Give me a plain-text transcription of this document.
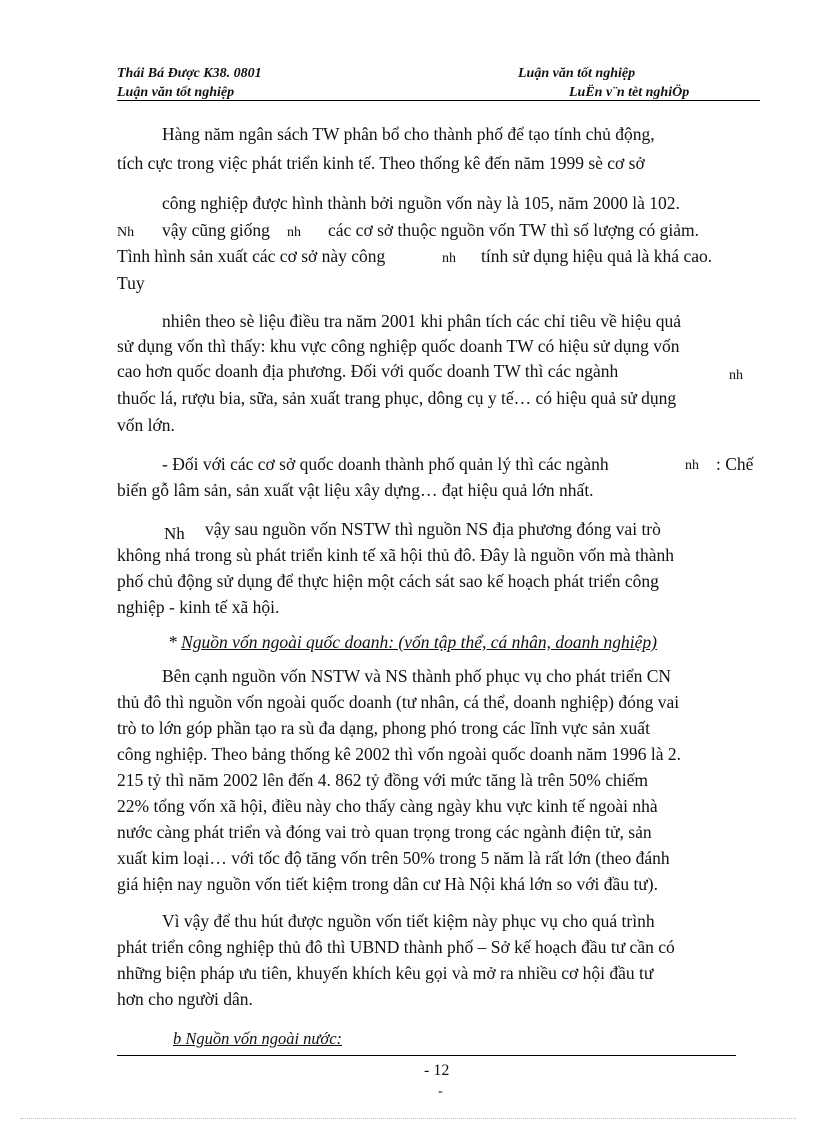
Thái Bá Được K38. 0801	Luận văn tốt nghiệp
Luận văn tốt nghiệp	LuËn v¨n tèt nghiÖp
Hàng năm ngân sách TW phân bổ cho thành phố để tạo tính chủ động,
tích cực trong việc phát triển kinh tế. Theo thống kê đến năm 1999 sè cơ sở
công nghiệp được hình thành bởi nguồn vốn này là 105, năm 2000 là 102.
Nh vậy cũng giống nh các cơ sở thuộc nguồn vốn TW thì số lượng có giảm.
Tình hình sản xuất các cơ sở này công	nh tính sử dụng hiệu quả là khá cao.
Tuy
nhiên theo sè liệu điều tra năm 2001 khi phân tích các chỉ tiêu về hiệu quả
sử dụng vốn thì thấy: khu vực công nghiệp quốc doanh TW có hiệu sử dụng vốn
cao hơn quốc doanh địa phương. Đối với quốc doanh TW thì các ngành	nh
thuốc lá, rượu bia, sữa, sản xuất trang phục, dông cụ y tế… có hiệu quả sử dụng
vốn lớn.
- Đối với các cơ sở quốc doanh thành phố quản lý thì các ngành	nh : Chế
biến gỗ lâm sản, sản xuất vật liệu xây dựng… đạt hiệu quả lớn nhất.
Nh vậy sau nguồn vốn NSTW thì nguồn NS địa phương đóng vai trò
không nhá trong sù phát triển kinh tế xã hội thủ đô. Đây là nguồn vốn mà thành
phố chủ động sử dụng để thực hiện một cách sát sao kế hoạch phát triển công
nghiệp - kinh tế xã hội.
* Nguồn vốn ngoài quốc doanh: (vốn tập thể, cá nhân, doanh nghiệp)
Bên cạnh nguồn vốn NSTW và NS thành phố phục vụ cho phát triển CN
thủ đô thì nguồn vốn ngoài quốc doanh (tư nhân, cá thể, doanh nghiệp) đóng vai
trò to lớn góp phần tạo ra sù đa dạng, phong phó trong các lĩnh vực sản xuất
công nghiệp. Theo bảng thống kê 2002 thì vốn ngoài quốc doanh năm 1996 là 2.
215 tỷ thì năm 2002 lên đến 4. 862 tỷ đồng với mức tăng là trên 50% chiếm
22% tổng vốn xã hội, điều này cho thấy càng ngày khu vực kinh tế ngoài nhà
nước càng phát triển và đóng vai trò quan trọng trong các ngành điện tử, sản
xuất kim loại… với tốc độ tăng vốn trên 50% trong 5 năm là rất lớn (theo đánh
giá hiện nay nguồn vốn tiết kiệm trong dân cư Hà Nội khá lớn so với đầu tư).
Vì vậy để thu hút được nguồn vốn tiết kiệm này phục vụ cho quá trình
phát triển công nghiệp thủ đô thì UBND thành phố – Sở kế hoạch đầu tư cần có
những biện pháp ưu tiên, khuyến khích kêu gọi và mở ra nhiều cơ hội đầu tư
hơn cho người dân.
b Nguồn vốn ngoài nước:
- 12
-
